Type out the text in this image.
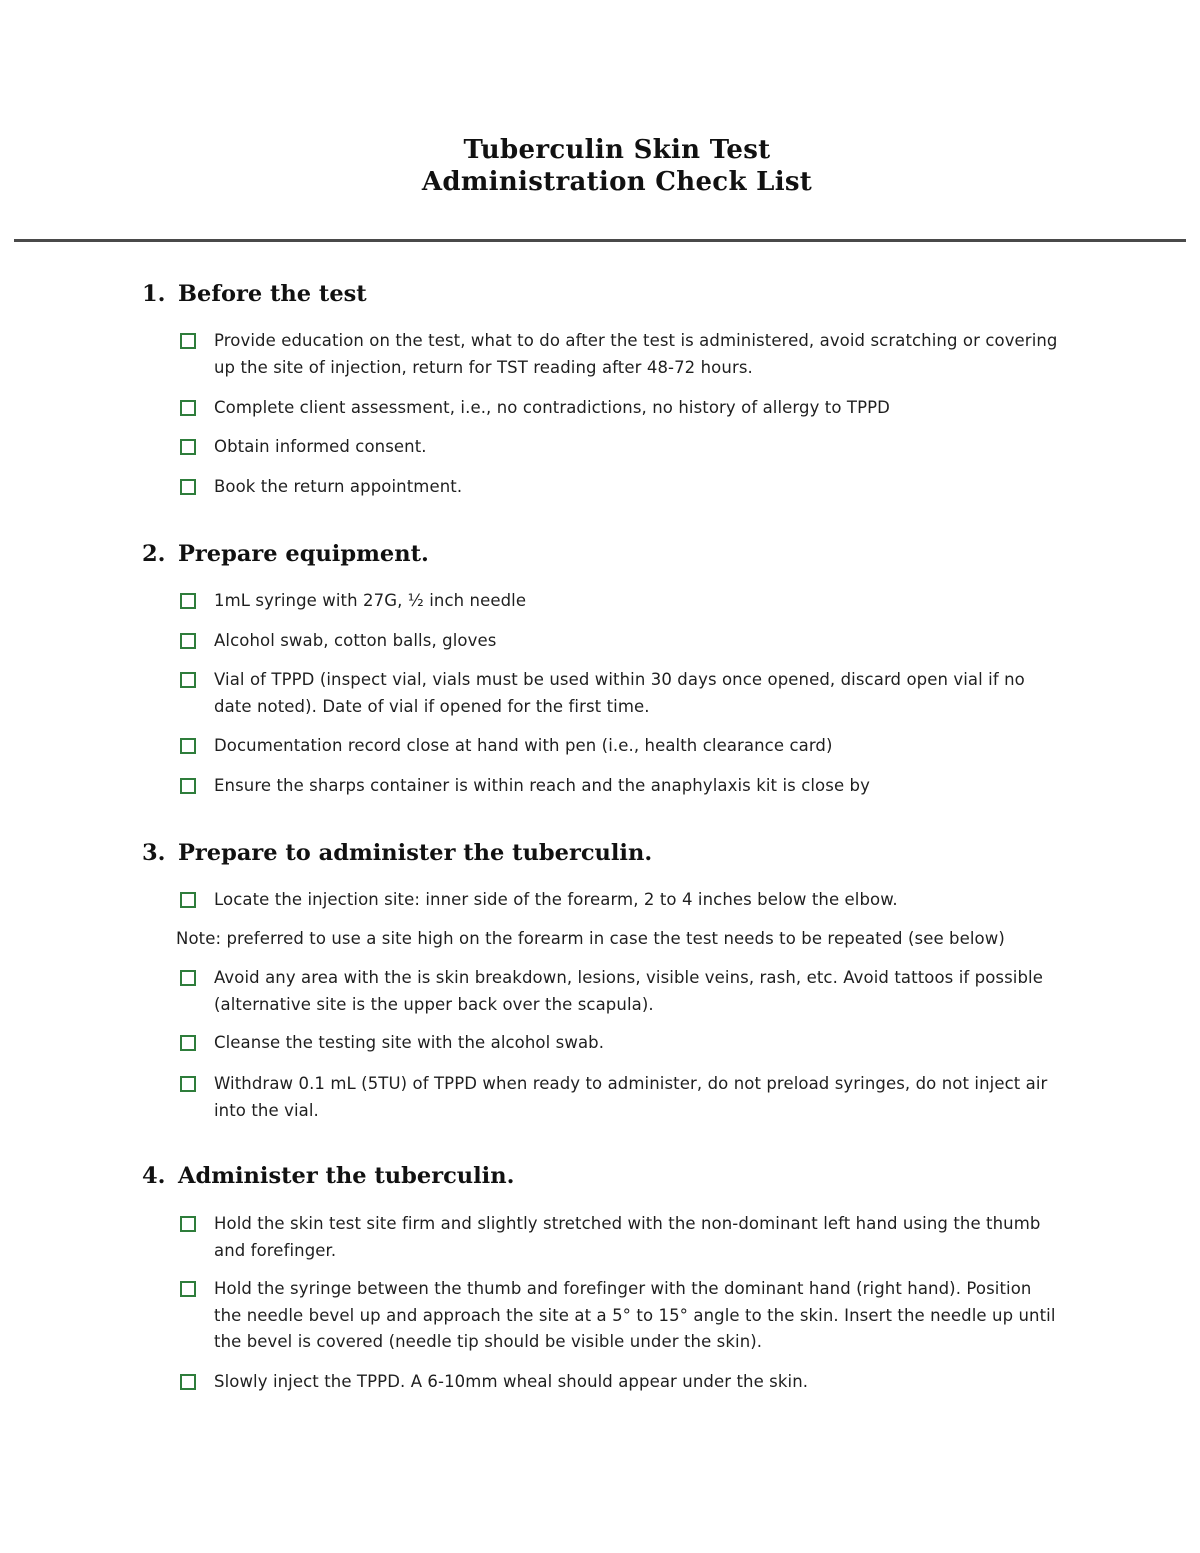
Tuberculin Skin Test
Administration Check List
1. Before the test
Provide education on the test, what to do after the test is administered, avoid scratching or covering up the site of injection, return for TST reading after 48-72 hours.
Complete client assessment, i.e., no contradictions, no history of allergy to TPPD
Obtain informed consent.
Book the return appointment.
2. Prepare equipment.
1mL syringe with 27G, ½ inch needle
Alcohol swab, cotton balls, gloves
Vial of TPPD (inspect vial, vials must be used within 30 days once opened, discard open vial if no date noted). Date of vial if opened for the first time.
Documentation record close at hand with pen (i.e., health clearance card)
Ensure the sharps container is within reach and the anaphylaxis kit is close by
3. Prepare to administer the tuberculin.
Locate the injection site: inner side of the forearm, 2 to 4 inches below the elbow.
Note: preferred to use a site high on the forearm in case the test needs to be repeated (see below)
Avoid any area with the is skin breakdown, lesions, visible veins, rash, etc. Avoid tattoos if possible (alternative site is the upper back over the scapula).
Cleanse the testing site with the alcohol swab.
Withdraw 0.1 mL (5TU) of TPPD when ready to administer, do not preload syringes, do not inject air into the vial.
4. Administer the tuberculin.
Hold the skin test site firm and slightly stretched with the non-dominant left hand using the thumb and forefinger.
Hold the syringe between the thumb and forefinger with the dominant hand (right hand). Position the needle bevel up and approach the site at a 5° to 15° angle to the skin. Insert the needle up until the bevel is covered (needle tip should be visible under the skin).
Slowly inject the TPPD. A 6-10mm wheal should appear under the skin.
